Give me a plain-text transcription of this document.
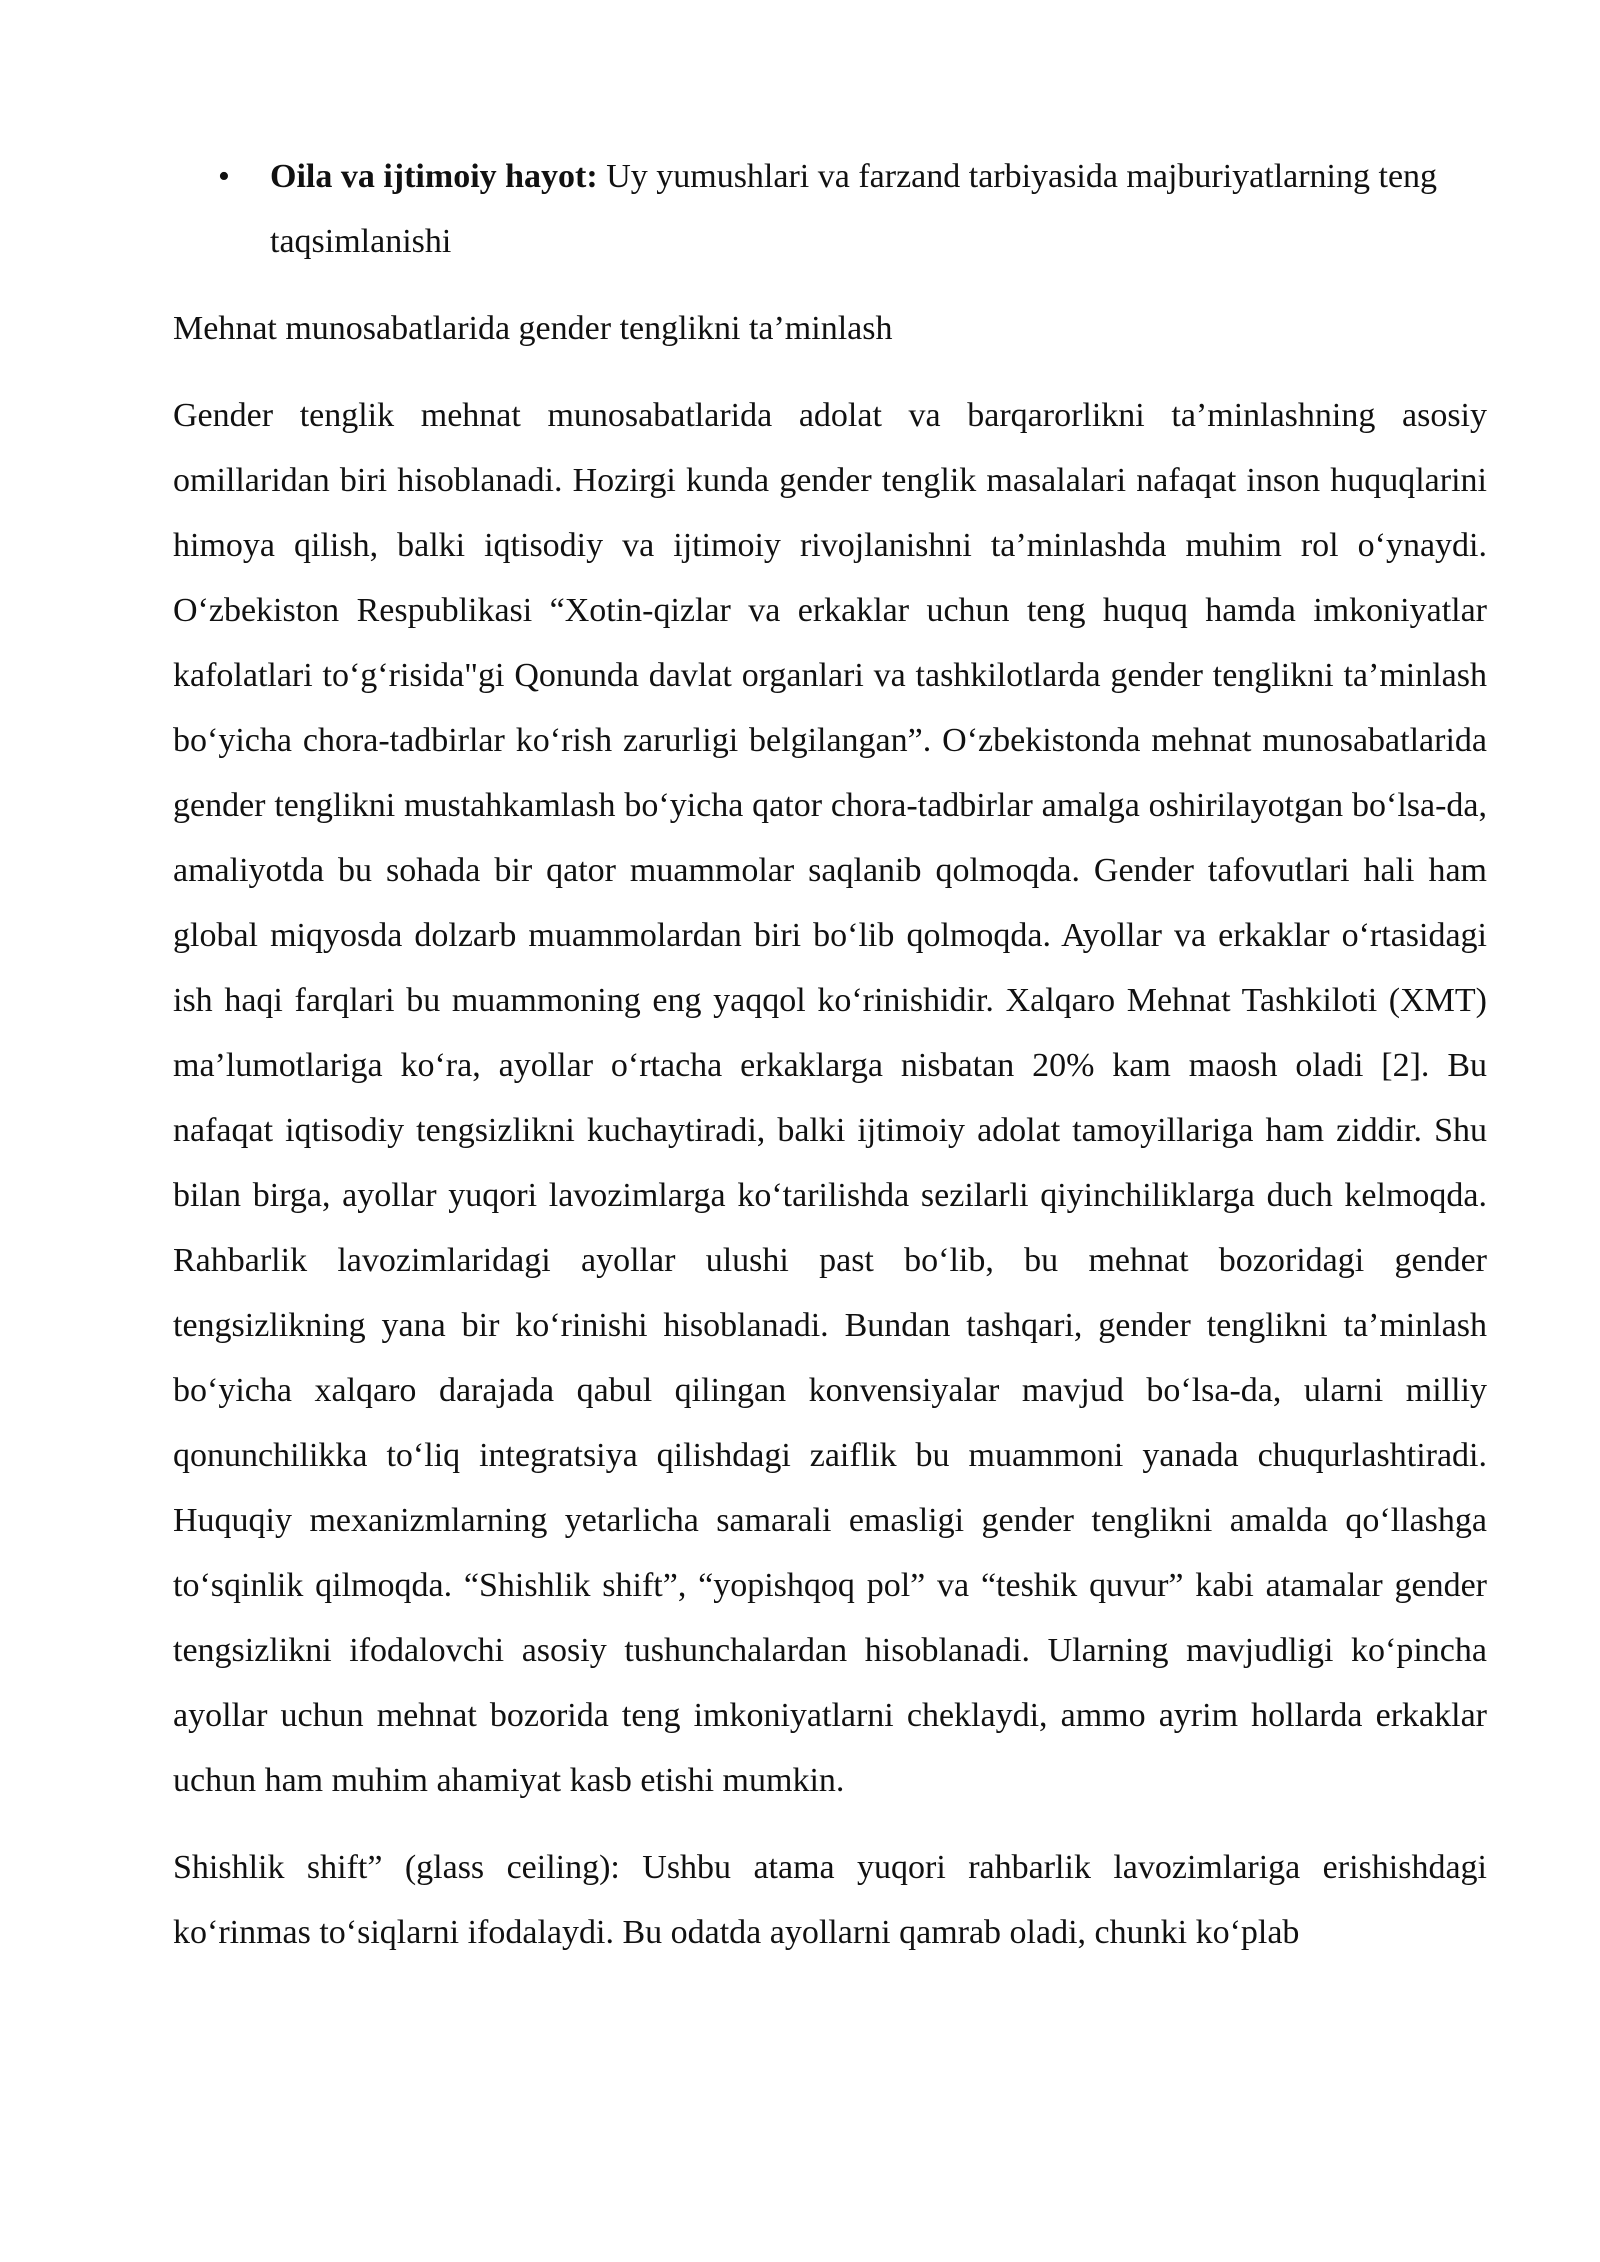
• Oila va ijtimoiy hayot: Uy yumushlari va farzand tarbiyasida majburiyatlarning teng taqsimlanishi

Mehnat munosabatlarida gender tenglikni ta’minlash

Gender tenglik mehnat munosabatlarida adolat va barqarorlikni ta’minlashning asosiy omillaridan biri hisoblanadi. Hozirgi kunda gender tenglik masalalari nafaqat inson huquqlarini himoya qilish, balki iqtisodiy va ijtimoiy rivojlanishni ta’minlashda muhim rol o‘ynaydi. O‘zbekiston Respublikasi “Xotin-qizlar va erkaklar uchun teng huquq hamda imkoniyatlar kafolatlari to‘g‘risida"gi Qonunda davlat organlari va tashkilotlarda gender tenglikni ta’minlash bo‘yicha chora-tadbirlar ko‘rish zarurligi belgilangan”. O‘zbekistonda mehnat munosabatlarida gender tenglikni mustahkamlash bo‘yicha qator chora-tadbirlar amalga oshirilayotgan bo‘lsa-da, amaliyotda bu sohada bir qator muammolar saqlanib qolmoqda. Gender tafovutlari hali ham global miqyosda dolzarb muammolardan biri bo‘lib qolmoqda. Ayollar va erkaklar o‘rtasidagi ish haqi farqlari bu muammoning eng yaqqol ko‘rinishidir. Xalqaro Mehnat Tashkiloti (XMT) ma’lumotlariga ko‘ra, ayollar o‘rtacha erkaklarga nisbatan 20% kam maosh oladi [2]. Bu nafaqat iqtisodiy tengsizlikni kuchaytiradi, balki ijtimoiy adolat tamoyillariga ham ziddir. Shu bilan birga, ayollar yuqori lavozimlarga ko‘tarilishda sezilarli qiyinchiliklarga duch kelmoqda. Rahbarlik lavozimlaridagi ayollar ulushi past bo‘lib, bu mehnat bozoridagi gender tengsizlikning yana bir ko‘rinishi hisoblanadi. Bundan tashqari, gender tenglikni ta’minlash bo‘yicha xalqaro darajada qabul qilingan konvensiyalar mavjud bo‘lsa-da, ularni milliy qonunchilikka to‘liq integratsiya qilishdagi zaiflik bu muammoni yanada chuqurlashtiradi. Huquqiy mexanizmlarning yetarlicha samarali emasligi gender tenglikni amalda qo‘llashga to‘sqinlik qilmoqda. “Shishlik shift”, “yopishqoq pol” va “teshik quvur” kabi atamalar gender tengsizlikni ifodalovchi asosiy tushunchalardan hisoblanadi. Ularning mavjudligi ko‘pincha ayollar uchun mehnat bozorida teng imkoniyatlarni cheklaydi, ammo ayrim hollarda erkaklar uchun ham muhim ahamiyat kasb etishi mumkin.

Shishlik shift” (glass ceiling): Ushbu atama yuqori rahbarlik lavozimlariga erishishdagi ko‘rinmas to‘siqlarni ifodalaydi. Bu odatda ayollarni qamrab oladi, chunki ko‘plab
